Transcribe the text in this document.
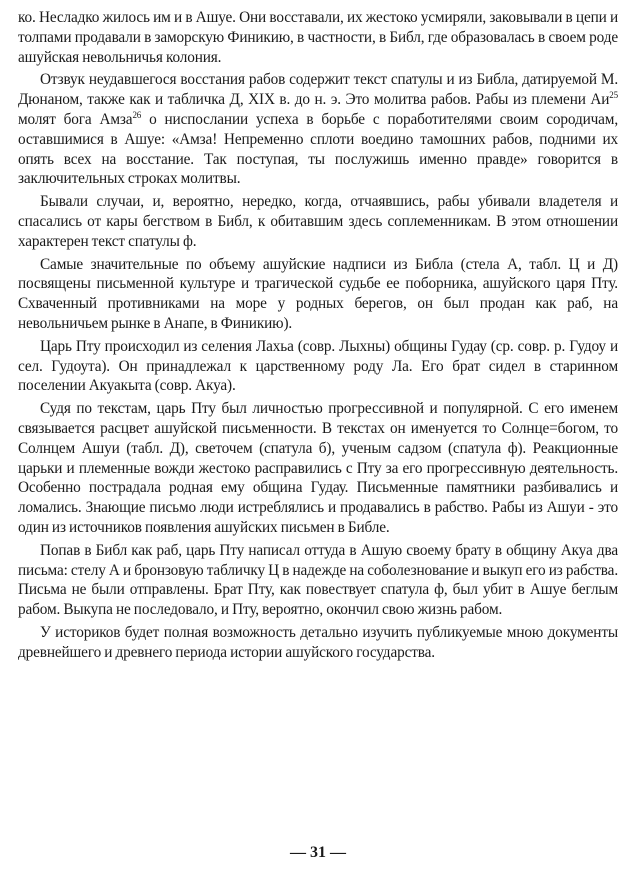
ко. Несладко жилось им и в Ашуе. Они восставали, их жестоко усмиряли, заковывали в цепи и толпами продавали в заморскую Финикию, в частности, в Библ, где образовалась в своем роде ашуйская невольничья колония.

Отзвук неудавшегося восстания рабов содержит текст спатулы и из Библа, датируемой М. Дюнаном, также как и табличка Д, XIX в. до н. э. Это молитва рабов. Рабы из племени $Аи^{25}$ молят бога Амза$^{26}$ о ниспослании успеха в борьбе с поработителями своим сородичам, оставшимися в Ашуе: «Амза! Непременно сплоти воедино тамошних рабов, подними их опять всех на восстание. Так поступая, ты послужишь именно правде» говорится в заключительных строках молитвы.

Бывали случаи, и, вероятно, нередко, когда, отчаявшись, рабы убивали владетеля и спасались от кары бегством в Библ, к обитавшим здесь соплеменникам. В этом отношении характерен текст спатулы ф.

Самые значительные по объему ашуйские надписи из Библа (стела А, табл. Ц и Д) посвящены письменной культуре и трагической судьбе ее поборника, ашуйского царя Пту. Схваченный противниками на море у родных берегов, он был продан как раб, на невольничьем рынке в Анапе, в Финикию).

Царь Пту происходил из селения Лахьа (совр. Лыхны) общины Гудау (ср. совр. р. Гудоу и сел. Гудоута). Он принадлежал к царственному роду Ла. Его брат сидел в старинном поселении Акуакыта (совр. Акуа).

Судя по текстам, царь Пту был личностью прогрессивной и популярной. С его именем связывается расцвет ашуйской письменности. В текстах он именуется то Солнце=богом, то Солнцем Ашуи (табл. Д), светочем (спатула б), ученым садзом (спатула ф). Реакционные царьки и племенные вожди жестоко расправились с Пту за его прогрессивную деятельность. Особенно пострадала родная ему община Гудау. Письменные памятники разбивались и ломались. Знающие письмо люди истреблялись и продавались в рабство. Рабы из Ашуи - это один из источников появления ашуйских письмен в Библе.

Попав в Библ как раб, царь Пту написал оттуда в Ашую своему брату в общину Акуа два письма: стелу А и бронзовую табличку Ц в надежде на соболезнование и выкуп его из рабства. Письма не были отправлены. Брат Пту, как повествует спатула ф, был убит в Ашуе беглым рабом. Выкупа не последовало, и Пту, вероятно, окончил свою жизнь рабом.

У историков будет полная возможность детально изучить публикуемые мною документы древнейшего и древнего периода истории ашуйского государства.

— 31 —
